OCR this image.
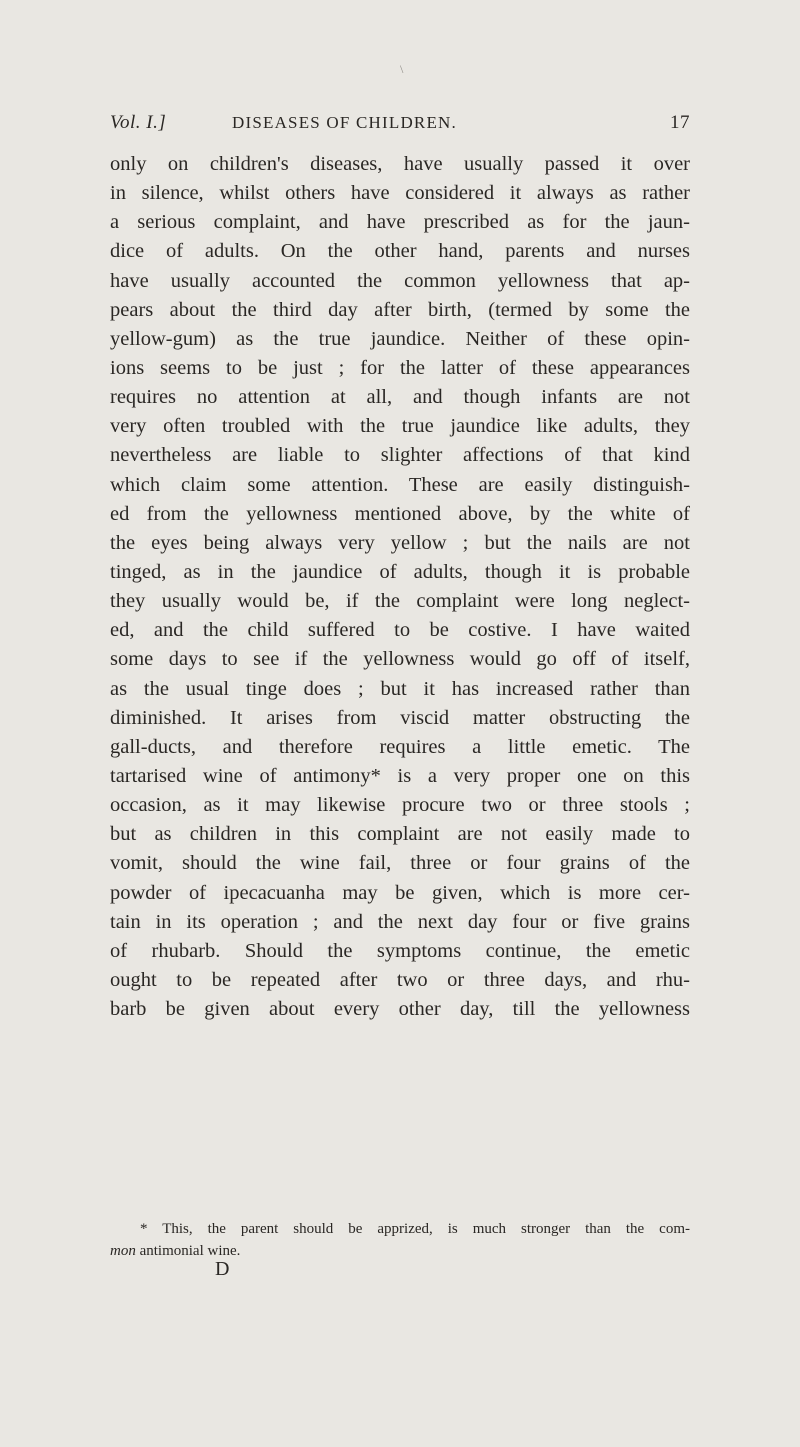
\
Vol. I.]	DISEASES OF CHILDREN.	17
only on children's diseases, have usually passed it over
in silence, whilst others have considered it always as rather
a serious complaint, and have prescribed as for the jaun-
dice of adults. On the other hand, parents and nurses
have usually accounted the common yellowness that ap-
pears about the third day after birth, (termed by some the
yellow-gum) as the true jaundice. Neither of these opin-
ions seems to be just ; for the latter of these appearances
requires no attention at all, and though infants are not
very often troubled with the true jaundice like adults, they
nevertheless are liable to slighter affections of that kind
which claim some attention. These are easily distinguish-
ed from the yellowness mentioned above, by the white of
the eyes being always very yellow ; but the nails are not
tinged, as in the jaundice of adults, though it is probable
they usually would be, if the complaint were long neglect-
ed, and the child suffered to be costive. I have waited
some days to see if the yellowness would go off of itself,
as the usual tinge does ; but it has increased rather than
diminished. It arises from viscid matter obstructing the
gall-ducts, and therefore requires a little emetic. The
tartarised wine of antimony* is a very proper one on this
occasion, as it may likewise procure two or three stools ;
but as children in this complaint are not easily made to
vomit, should the wine fail, three or four grains of the
powder of ipecacuanha may be given, which is more cer-
tain in its operation ; and the next day four or five grains
of rhubarb. Should the symptoms continue, the emetic
ought to be repeated after two or three days, and rhu-
barb be given about every other day, till the yellowness
* This, the parent should be apprized, is much stronger than the com-
mon antimonial wine.
D
